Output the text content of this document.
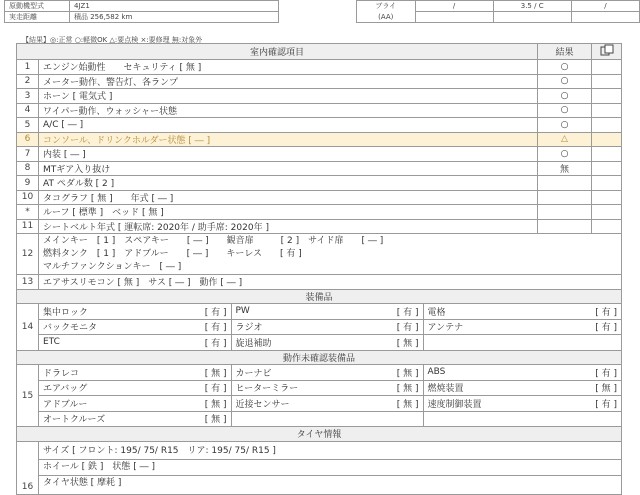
原動機型式	4JZ1
実走距離	積品 256,582 km
ブライ	/	3.5 / C	/
(AA)			
【結果】◎:正常 ○:軽微OK △:要点検 ×:要修理 無:対象外
室内確認項目	結果	
1	エンジン始動性　　セキュリティ [ 無 ]	○	
2	メーター動作、警告灯、各ランプ	○	
3	ホーン [ 電気式 ]	○	
4	ワイパー動作、ウォッシャー状態	○	
5	A/C [ ― ]	○	
6	コンソール、ドリンクホルダー状態 [ ― ]	△	
7	内装 [ ― ]	○	
8	MTギア入り抜け	無	
9	AT ペダル数 [ 2 ]		
10	タコグラフ [ 無 ]　　年式 [ ― ]		
*	ルーフ [ 標準 ]　ベッド [ 無 ]		
11	シートベルト年式 [ 運転席: 2020年 / 助手席: 2020年 ]		
12	
メインキー　[ 1 ]　スペアキー　　[ ― ]　　観音扉　　　[ 2 ]　サイド扉　　[ ― ]
燃料タンク　[ 1 ]　アドブルー　　[ ― ]　　キーレス　　[ 有 ]
マルチファンクションキー　[ ― ]

13	エアサスリモコン [ 無 ]　サス [ ― ]　動作 [ ― ]
装備品
14	
集中ロック	[ 有 ]	PW	[ 有 ]	電格	[ 有 ]
バックモニタ	[ 有 ]	ラジオ	[ 有 ]	アンテナ	[ 有 ]
ETC	[ 有 ]	旋退補助	[ 無 ]		

動作未確認装備品
15	
ドラレコ	[ 無 ]	カーナビ	[ 無 ]	ABS	[ 有 ]
エアバッグ	[ 有 ]	ヒーターミラー	[ 無 ]	燃焼装置	[ 無 ]
アドブルー	[ 無 ]	近接センサー	[ 無 ]	速度制御装置	[ 有 ]
オートクルーズ	[ 無 ]				

タイヤ情報
16	
サイズ [ フロント: 195/ 75/ R15　リア: 195/ 75/ R15 ]
ホイール [ 鉄 ]　状態 [ ― ]
タイヤ状態 [ 摩耗 ]
